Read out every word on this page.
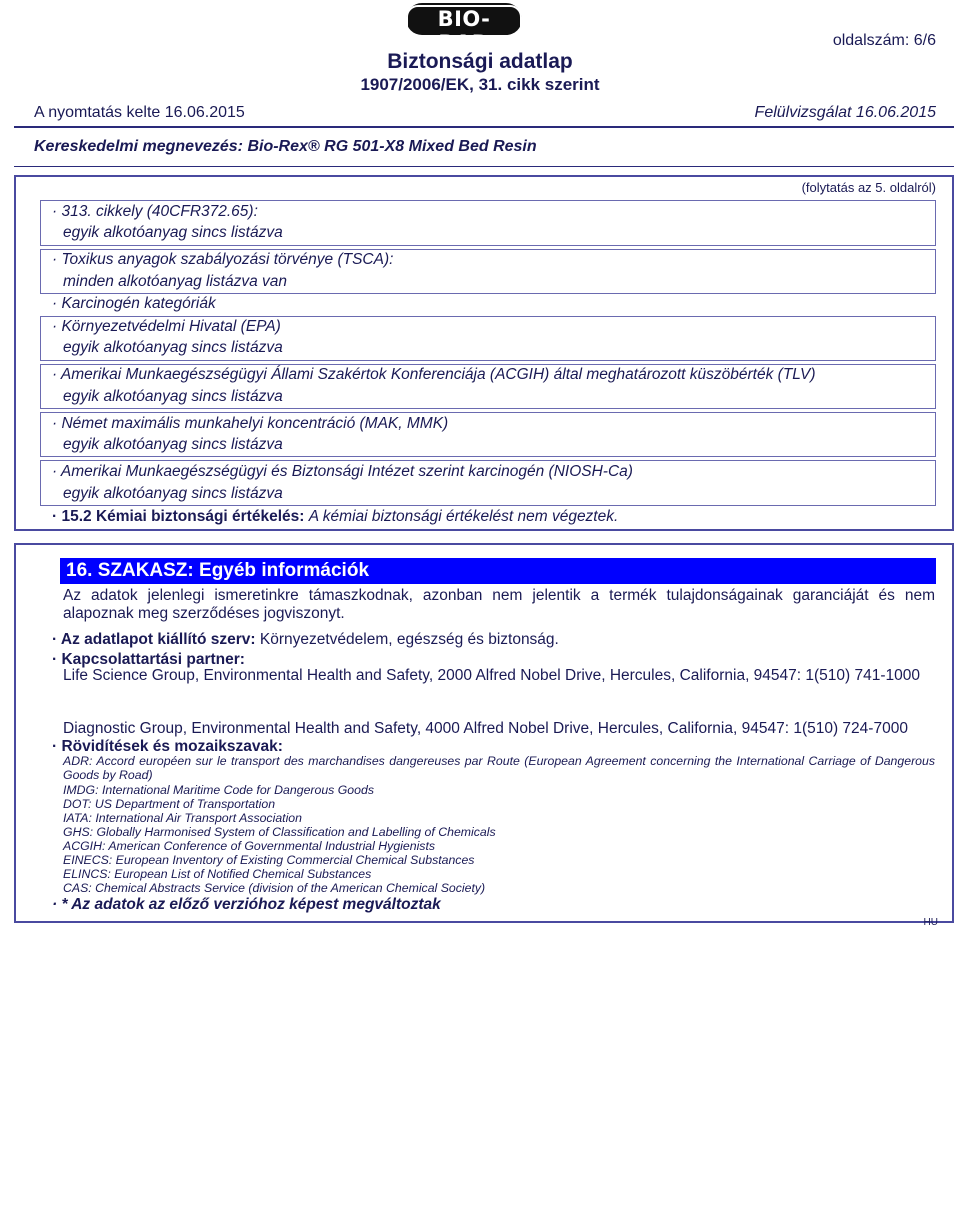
BIO-RAD
Biztonsági adatlap
1907/2006/EK, 31. cikk szerint
oldalszám: 6/6
A nyomtatás kelte 16.06.2015	Felülvizsgálat 16.06.2015
Kereskedelmi megnevezés: Bio-Rex® RG 501-X8 Mixed Bed Resin
(folytatás az 5. oldalról)
· 313. cikkely (40CFR372.65):
egyik alkotóanyag sincs listázva
· Toxikus anyagok szabályozási törvénye (TSCA):
minden alkotóanyag listázva van
· Karcinogén kategóriák
· Környezetvédelmi Hivatal (EPA)
egyik alkotóanyag sincs listázva
· Amerikai Munkaegészségügyi Állami Szakértok Konferenciája (ACGIH) által meghatározott küszöbérték (TLV)
egyik alkotóanyag sincs listázva
· Német maximális munkahelyi koncentráció (MAK, MMK)
egyik alkotóanyag sincs listázva
· Amerikai Munkaegészségügyi és Biztonsági Intézet szerint karcinogén (NIOSH-Ca)
egyik alkotóanyag sincs listázva
· 15.2 Kémiai biztonsági értékelés: A kémiai biztonsági értékelést nem végeztek.
16. SZAKASZ: Egyéb információk
Az adatok jelenlegi ismeretinkre támaszkodnak, azonban nem jelentik a termék tulajdonságainak garanciáját és nem alapoznak meg szerződéses jogviszonyt.
· Az adatlapot kiállító szerv: Környezetvédelem, egészség és biztonság.
· Kapcsolattartási partner:
Life Science Group, Environmental Health and Safety, 2000 Alfred Nobel Drive, Hercules, California, 94547: 1(510) 741-1000
Diagnostic Group, Environmental Health and Safety, 4000 Alfred Nobel Drive, Hercules, California, 94547: 1(510) 724-7000
· Rövidítések és mozaikszavak:
ADR: Accord européen sur le transport des marchandises dangereuses par Route (European Agreement concerning the International Carriage of Dangerous Goods by Road)
IMDG: International Maritime Code for Dangerous Goods
DOT: US Department of Transportation
IATA: International Air Transport Association
GHS: Globally Harmonised System of Classification and Labelling of Chemicals
ACGIH: American Conference of Governmental Industrial Hygienists
EINECS: European Inventory of Existing Commercial Chemical Substances
ELINCS: European List of Notified Chemical Substances
CAS: Chemical Abstracts Service (division of the American Chemical Society)
· * Az adatok az előző verzióhoz képest megváltoztak
HU
